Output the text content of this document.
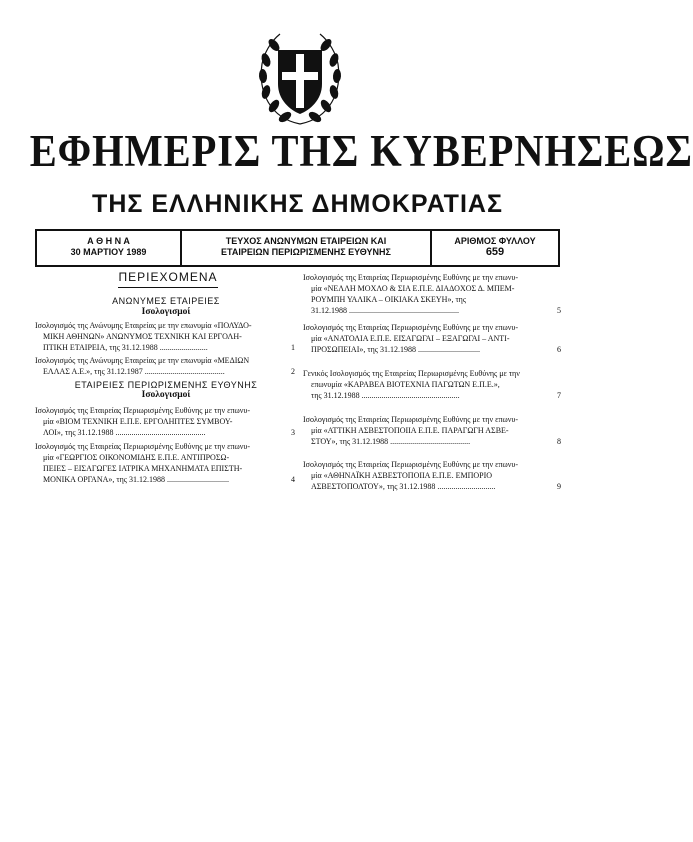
ΕΦΗΜΕΡΙΣ ΤΗΣ ΚΥΒΕΡΝΗΣΕΩΣ
ΤΗΣ ΕΛΛΗΝΙΚΗΣ ΔΗΜΟΚΡΑΤΙΑΣ
Α Θ Η Ν Α
30 ΜΑΡΤΙΟΥ 1989
ΤΕΥΧΟΣ ΑΝΩΝΥΜΩΝ ΕΤΑΙΡΕΙΩΝ ΚΑΙ
ΕΤΑΙΡΕΙΩΝ ΠΕΡΙΩΡΙΣΜΕΝΗΣ ΕΥΘΥΝΗΣ
ΑΡΙΘΜΟΣ ΦΥΛΛΟΥ
659
ΠΕΡΙΕΧΟΜΕΝΑ
ΑΝΩΝΥΜΕΣ ΕΤΑΙΡΕΙΕΣ
Ισολογισμοί
Ισολογισμός της Ανώνυμης Εταιρείας με την επωνυμία «ΠΟΛΥΔΟ-
ΜΙΚΗ ΑΘΗΝΩΝ» ΑΝΩΝΥΜΟΣ ΤΕΧΝΙΚΗ ΚΑΙ ΕΡΓΟΛΗ-
ΠΤΙΚΗ ΕΤΑΙΡΕΙΑ, της 31.12.1988 ........................	1
Ισολογισμός της Ανώνυμης Εταιρείας με την επωνυμία «ΜΕΔΙΩΝ
ΕΛΛΑΣ Α.Ε.», της 31.12.1987 ........................................	2
ΕΤΑΙΡΕΙΕΣ ΠΕΡΙΩΡΙΣΜΕΝΗΣ ΕΥΘΥΝΗΣ
Ισολογισμοί
Ισολογισμός της Εταιρείας Περιωρισμένης Ευθύνης με την επωνυ-
μία «ΒΙΟΜ ΤΕΧΝΙΚΗ Ε.Π.Ε. ΕΡΓΟΛΗΠΤΕΣ ΣΥΜΒΟΥ-
ΛΟΙ», της 31.12.1988 .............................................	3
Ισολογισμός της Εταιρείας Περιωρισμένης Ευθύνης με την επωνυ-
μία «ΓΕΩΡΓΙΟΣ ΟΙΚΟΝΟΜΙΔΗΣ Ε.Π.Ε. ΑΝΤΙΠΡΟΣΩ-
ΠΕΙΕΣ – ΕΙΣΑΓΩΓΕΣ ΙΑΤΡΙΚΑ ΜΗΧΑΝΗΜΑΤΑ ΕΠΙΣΤΗ-
ΜΟΝΙΚΑ ΟΡΓΑΝΑ», της 31.12.1988 ...............................	4
Ισολογισμός της Εταιρείας Περιωρισμένης Ευθύνης με την επωνυ-
μία «ΝΕΛΛΗ ΜΟΧΛΟ & ΣΙΑ Ε.Π.Ε. ΔΙΑΔΟΧΟΣ Δ. ΜΠΕΜ-
ΡΟΥΜΠΗ ΥΑΛΙΚΑ – ΟΙΚΙΑΚΑ ΣΚΕΥΗ», της
31.12.1988 .......................................................	5
Ισολογισμός της Εταιρείας Περιωρισμένης Ευθύνης με την επωνυ-
μία «ΑΝΑΤΟΛΙΑ Ε.Π.Ε. ΕΙΣΑΓΩΓΑΙ – ΕΞΑΓΩΓΑΙ – ΑΝΤΙ-
ΠΡΟΣΩΠΕΙΑΙ», της 31.12.1988 ...............................	6
Γενικός Ισολογισμός της Εταιρείας Περιωρισμένης Ευθύνης με την
επωνυμία «ΚΑΡΑΒΕΑ ΒΙΟΤΕΧΝΙΑ ΠΑΓΩΤΩΝ Ε.Π.Ε.»,
της 31.12.1988 .................................................	7
Ισολογισμός της Εταιρείας Περιωρισμένης Ευθύνης με την επωνυ-
μία «ΑΤΤΙΚΗ ΑΣΒΕΣΤΟΠΟΙΙΑ Ε.Π.Ε. ΠΑΡΑΓΩΓΗ ΑΣΒΕ-
ΣΤΟΥ», της 31.12.1988 ........................................	8
Ισολογισμός της Εταιρείας Περιωρισμένης Ευθύνης με την επωνυ-
μία «ΑΘΗΝΑΪΚΗ ΑΣΒΕΣΤΟΠΟΙΙΑ Ε.Π.Ε. ΕΜΠΟΡΙΟ
ΑΣΒΕΣΤΟΠΟΛΤΟΥ», της 31.12.1988 .............................	9
